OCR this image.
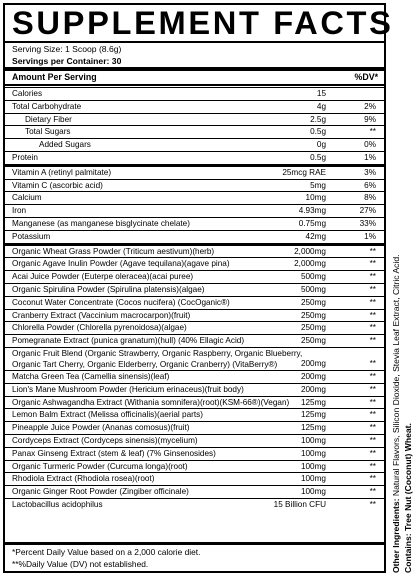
SUPPLEMENT FACTS
Serving Size: 1 Scoop (8.6g)
Servings per Container: 30
Amount Per Serving	%DV*
Calories	15
Total Carbohydrate	4g	2%
Dietary Fiber	2.5g	9%
Total Sugars	0.5g	**
Added Sugars	0g	0%
Protein	0.5g	1%
Vitamin A (retinyl palmitate)	25mcg RAE	3%
Vitamin C (ascorbic acid)	5mg	6%
Calcium	10mg	8%
Iron	4.93mg	27%
Manganese (as manganese bisglycinate chelate)	0.75mg	33%
Potassium	42mg	1%
Organic Wheat Grass Powder (Triticum aestivum)(herb)	2,000mg	**
Organic Agave Inulin Powder (Agave tequilana)(agave pina)	2,000mg	**
Acai Juice Powder (Euterpe oleracea)(acai puree)	500mg	**
Organic Spirulina Powder (Spirulina platensis)(algae)	500mg	**
Coconut Water Concentrate (Cocos nucifera) (CocOganic®)	250mg	**
Cranberry Extract (Vaccinium macrocarpon)(fruit)	250mg	**
Chlorella Powder (Chlorella pyrenoidosa)(algae)	250mg	**
Pomegranate Extract (punica granatum)(hull) (40% Ellagic Acid)	250mg	**
Organic Fruit Blend (Organic Strawberry, Organic Raspberry, Organic Blueberry,
Organic Tart Cherry, Organic Elderberry, Organic Cranberry) (VitaBerry®)	200mg	**
Matcha Green Tea (Camellia sinensis)(leaf)	200mg	**
Lion's Mane Mushroom Powder (Hericium erinaceus)(fruit body)	200mg	**
Organic Ashwagandha Extract (Withania somnifera)(root)(KSM-66®)(Vegan) 125mg	**
Lemon Balm Extract (Melissa officinalis)(aerial parts)	125mg	**
Pineapple Juice Powder (Ananas comosus)(fruit)	125mg	**
Cordyceps Extract (Cordyceps sinensis)(mycelium)	100mg	**
Panax Ginseng Extract (stem & leaf) (7% Ginsenosides)	100mg	**
Organic Turmeric Powder (Curcuma longa)(root)	100mg	**
Rhodiola Extract (Rhodiola rosea)(root)	100mg	**
Organic Ginger Root Powder (Zingiber officinale)	100mg	**
Lactobacillus acidophilus	15 Billion CFU	**
*Percent Daily Value based on a 2,000 calorie diet.
**%Daily Value (DV) not established.	Other Ingredients: Natural Flavors, Silicon Dioxide, Stevia Leaf Extract, Citric Acid. Contains: Tree Nut (Coconut) Wheat.
